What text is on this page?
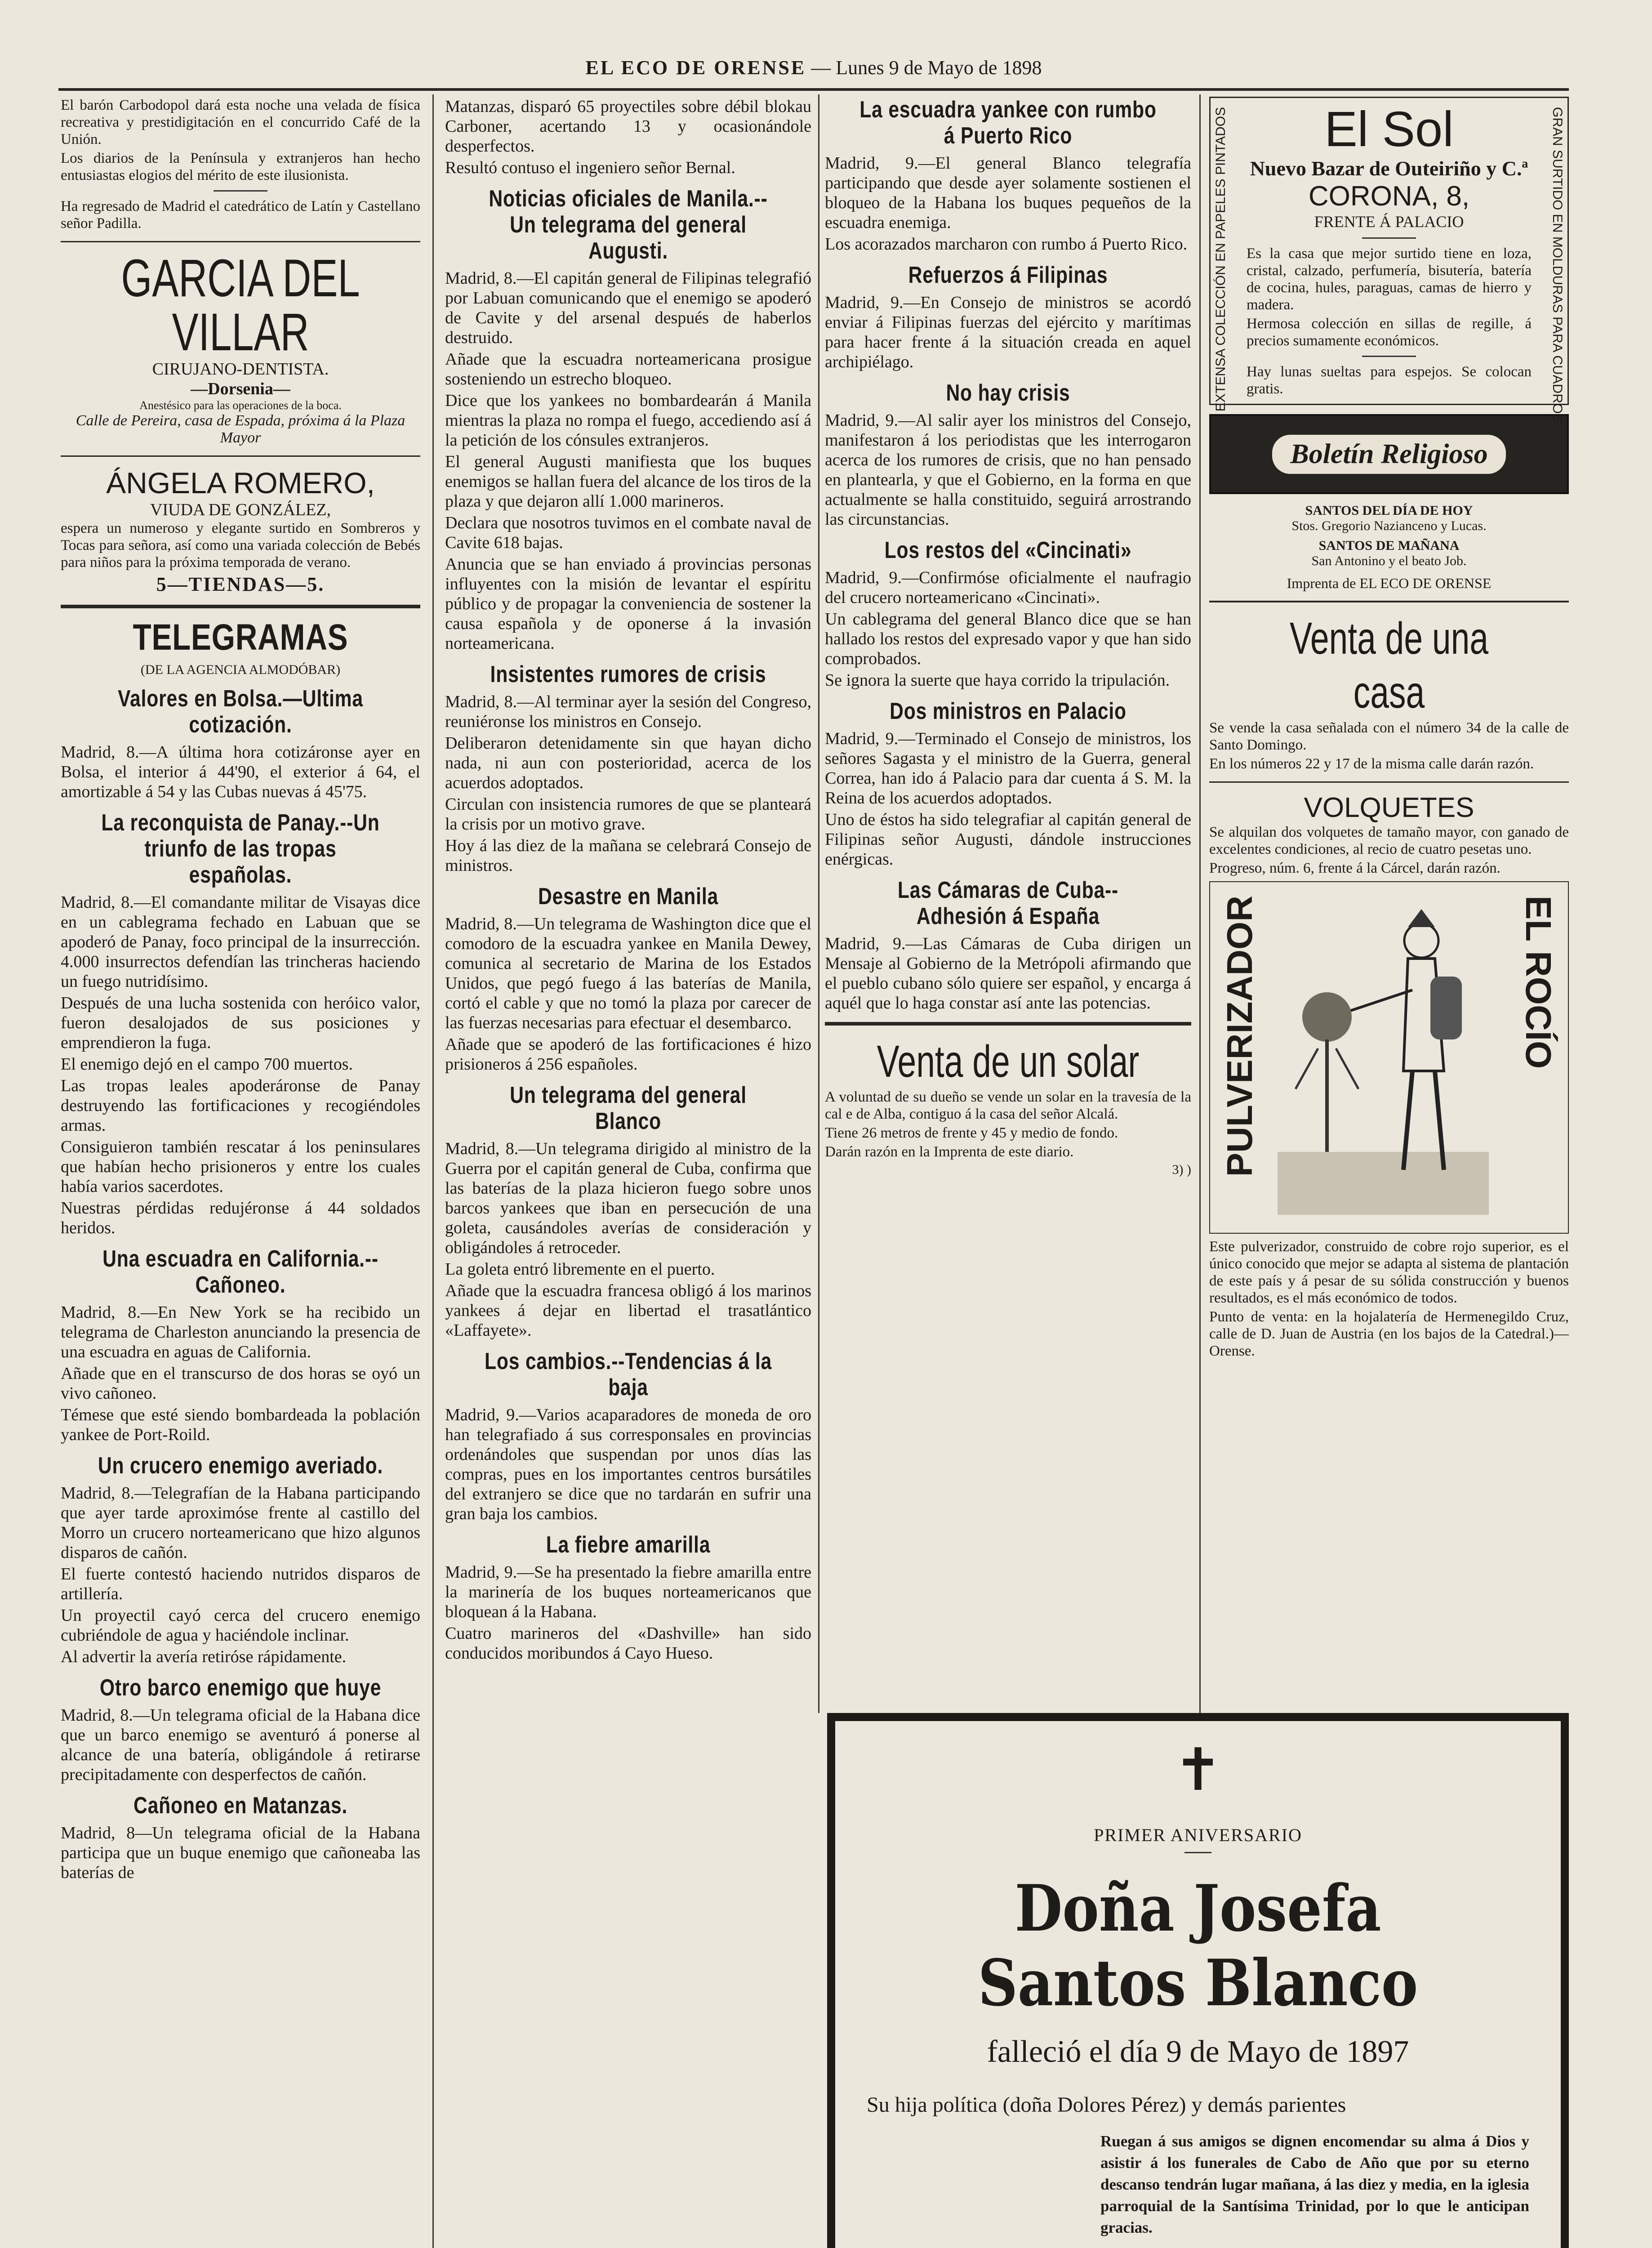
EL ECO DE ORENSE — Lunes 9 de Mayo de 1898

El barón Carbodopol dará esta noche una velada de física recreativa y prestidigitación en el concurrido Café de la Unión.

Los diarios de la Península y extranjeros han hecho entusiastas elogios del mérito de este ilusionista.

Ha regresado de Madrid el catedrático de Latín y Castellano señor Padilla.

GARCIA DEL VILLAR
CIRUJANO-DENTISTA.
—Dorsenia—
Anestésico para las operaciones de la boca.
Calle de Pereira, casa de Espada, próxima á la Plaza Mayor
ÁNGELA ROMERO,
VIUDA DE GONZÁLEZ,

espera un numeroso y elegante surtido en Sombreros y Tocas para señora, así como una variada colección de Bebés para niños para la próxima temporada de verano.

5—TIENDAS—5.
TELEGRAMAS
(DE LA AGENCIA ALMODÓBAR)
Valores en Bolsa.—Ultima cotización.

Madrid, 8.—A última hora cotizáronse ayer en Bolsa, el interior á 44'90, el exterior á 64, el amortizable á 54 y las Cubas nuevas á 45'75.

La reconquista de Panay.--Un triunfo de las tropas españolas.

Madrid, 8.—El comandante militar de Visayas dice en un cablegrama fechado en Labuan que se apoderó de Panay, foco principal de la insurrección. 4.000 insurrectos defendían las trincheras haciendo un fuego nutridísimo.

Después de una lucha sostenida con heróico valor, fueron desalojados de sus posiciones y emprendieron la fuga.

El enemigo dejó en el campo 700 muertos.

Las tropas leales apoderáronse de Panay destruyendo las fortificaciones y recogiéndoles armas.

Consiguieron también rescatar á los peninsulares que habían hecho prisioneros y entre los cuales había varios sacerdotes.

Nuestras pérdidas redujéronse á 44 soldados heridos.

Una escuadra en California.--Cañoneo.

Madrid, 8.—En New York se ha recibido un telegrama de Charleston anunciando la presencia de una escuadra en aguas de California.

Añade que en el transcurso de dos horas se oyó un vivo cañoneo.

Témese que esté siendo bombardeada la población yankee de Port-Roild.

Un crucero enemigo averiado.

Madrid, 8.—Telegrafían de la Habana participando que ayer tarde aproximóse frente al castillo del Morro un crucero norteamericano que hizo algunos disparos de cañón.

El fuerte contestó haciendo nutridos disparos de artillería.

Un proyectil cayó cerca del crucero enemigo cubriéndole de agua y haciéndole inclinar.

Al advertir la avería retiróse rápidamente.

Otro barco enemigo que huye

Madrid, 8.—Un telegrama oficial de la Habana dice que un barco enemigo se aventuró á ponerse al alcance de una batería, obligándole á retirarse precipitadamente con desperfectos de cañón.

Cañoneo en Matanzas.

Madrid, 8—Un telegrama oficial de la Habana participa que un buque enemigo que cañoneaba las baterías de

Matanzas, disparó 65 proyectiles sobre débil blokau Carboner, acertando 13 y ocasionándole desperfectos.

Resultó contuso el ingeniero señor Bernal.

Noticias oficiales de Manila.--Un telegrama del general Augusti.

Madrid, 8.—El capitán general de Filipinas telegrafió por Labuan comunicando que el enemigo se apoderó de Cavite y del arsenal después de haberlos destruido.

Añade que la escuadra norteamericana prosigue sosteniendo un estrecho bloqueo.

Dice que los yankees no bombardearán á Manila mientras la plaza no rompa el fuego, accediendo así á la petición de los cónsules extranjeros.

El general Augusti manifiesta que los buques enemigos se hallan fuera del alcance de los tiros de la plaza y que dejaron allí 1.000 marineros.

Declara que nosotros tuvimos en el combate naval de Cavite 618 bajas.

Anuncia que se han enviado á provincias personas influyentes con la misión de levantar el espíritu público y de propagar la conveniencia de sostener la causa española y de oponerse á la invasión norteamericana.

Insistentes rumores de crisis

Madrid, 8.—Al terminar ayer la sesión del Congreso, reuniéronse los ministros en Consejo.

Deliberaron detenidamente sin que hayan dicho nada, ni aun con posterioridad, acerca de los acuerdos adoptados.

Circulan con insistencia rumores de que se planteará la crisis por un motivo grave.

Hoy á las diez de la mañana se celebrará Consejo de ministros.

Desastre en Manila

Madrid, 8.—Un telegrama de Washington dice que el comodoro de la escuadra yankee en Manila Dewey, comunica al secretario de Marina de los Estados Unidos, que pegó fuego á las baterías de Manila, cortó el cable y que no tomó la plaza por carecer de las fuerzas necesarias para efectuar el desembarco.

Añade que se apoderó de las fortificaciones é hizo prisioneros á 256 españoles.

Un telegrama del general Blanco

Madrid, 8.—Un telegrama dirigido al ministro de la Guerra por el capitán general de Cuba, confirma que las baterías de la plaza hicieron fuego sobre unos barcos yankees que iban en persecución de una goleta, causándoles averías de consideración y obligándoles á retroceder.

La goleta entró libremente en el puerto.

Añade que la escuadra francesa obligó á los marinos yankees á dejar en libertad el trasatlántico «Laffayete».

Los cambios.--Tendencias á la baja

Madrid, 9.—Varios acaparadores de moneda de oro han telegrafiado á sus corresponsales en provincias ordenándoles que suspendan por unos días las compras, pues en los importantes centros bursátiles del extranjero se dice que no tardarán en sufrir una gran baja los cambios.

La fiebre amarilla

Madrid, 9.—Se ha presentado la fiebre amarilla entre la marinería de los buques norteamericanos que bloquean á la Habana.

Cuatro marineros del «Dashville» han sido conducidos moribundos á Cayo Hueso.

La escuadra yankee con rumbo á Puerto Rico

Madrid, 9.—El general Blanco telegrafía participando que desde ayer solamente sostienen el bloqueo de la Habana los buques pequeños de la escuadra enemiga.

Los acorazados marcharon con rumbo á Puerto Rico.

Refuerzos á Filipinas

Madrid, 9.—En Consejo de ministros se acordó enviar á Filipinas fuerzas del ejército y marítimas para hacer frente á la situación creada en aquel archipiélago.

No hay crisis

Madrid, 9.—Al salir ayer los ministros del Consejo, manifestaron á los periodistas que les interrogaron acerca de los rumores de crisis, que no han pensado en plantearla, y que el Gobierno, en la forma en que actualmente se halla constituido, seguirá arrostrando las circunstancias.

Los restos del «Cincinati»

Madrid, 9.—Confirmóse oficialmente el naufragio del crucero norteamericano «Cincinati».

Un cablegrama del general Blanco dice que se han hallado los restos del expresado vapor y que han sido comprobados.

Se ignora la suerte que haya corrido la tripulación.

Dos ministros en Palacio

Madrid, 9.—Terminado el Consejo de ministros, los señores Sagasta y el ministro de la Guerra, general Correa, han ido á Palacio para dar cuenta á S. M. la Reina de los acuerdos adoptados.

Uno de éstos ha sido telegrafiar al capitán general de Filipinas señor Augusti, dándole instrucciones enérgicas.

Las Cámaras de Cuba--Adhesión á España

Madrid, 9.—Las Cámaras de Cuba dirigen un Mensaje al Gobierno de la Metrópoli afirmando que el pueblo cubano sólo quiere ser español, y encarga á aquél que lo haga constar así ante las potencias.

Venta de un solar

A voluntad de su dueño se vende un solar en la travesía de la cal e de Alba, contiguo á la casa del señor Alcalá.

Tiene 26 metros de frente y 45 y medio de fondo.

Darán razón en la Imprenta de este diario.

3) )
EXTENSA COLECCIÓN EN PAPELES PINTADOS	GRAN SURTIDO EN MOLDURAS PARA CUADROS
El Sol
Nuevo Bazar de Outeiriño y C.ª
CORONA, 8,
FRENTE Á PALACIO

Es la casa que mejor surtido tiene en loza, cristal, calzado, perfumería, bisutería, batería de cocina, hules, paraguas, camas de hierro y madera.

Hermosa colección en sillas de regille, á precios sumamente económicos.

Hay lunas sueltas para espejos. Se colocan gratis.

Boletín Religioso
SANTOS DEL DÍA DE HOY
Stos. Gregorio Nazianceno y Lucas.
SANTOS DE MAÑANA
San Antonino y el beato Job.
Imprenta de EL ECO DE ORENSE
Venta de una casa

Se vende la casa señalada con el número 34 de la calle de Santo Domingo.

En los números 22 y 17 de la misma calle darán razón.

VOLQUETES

Se alquilan dos volquetes de tamaño mayor, con ganado de excelentes condiciones, al recio de cuatro pesetas uno.

Progreso, núm. 6, frente á la Cárcel, darán razón.

PULVERIZADOR	EL ROCÍO

Este pulverizador, construido de cobre rojo superior, es el único conocido que mejor se adapta al sistema de plantación de este país y á pesar de su sólida construcción y buenos resultados, es el más económico de todos.

Punto de venta: en la hojalatería de Hermenegildo Cruz, calle de D. Juan de Austria (en los bajos de la Catedral.)—Orense.

✝
PRIMER ANIVERSARIO
Doña Josefa Santos Blanco
falleció el día 9 de Mayo de 1897
Su hija política (doña Dolores Pérez) y demás parientes
Ruegan á sus amigos se dignen encomendar su alma á Dios y asistir á los funerales de Cabo de Año que por su eterno descanso tendrán lugar mañana, á las diez y media, en la iglesia parroquial de la Santísima Trinidad, por lo que le anticipan gracias.
